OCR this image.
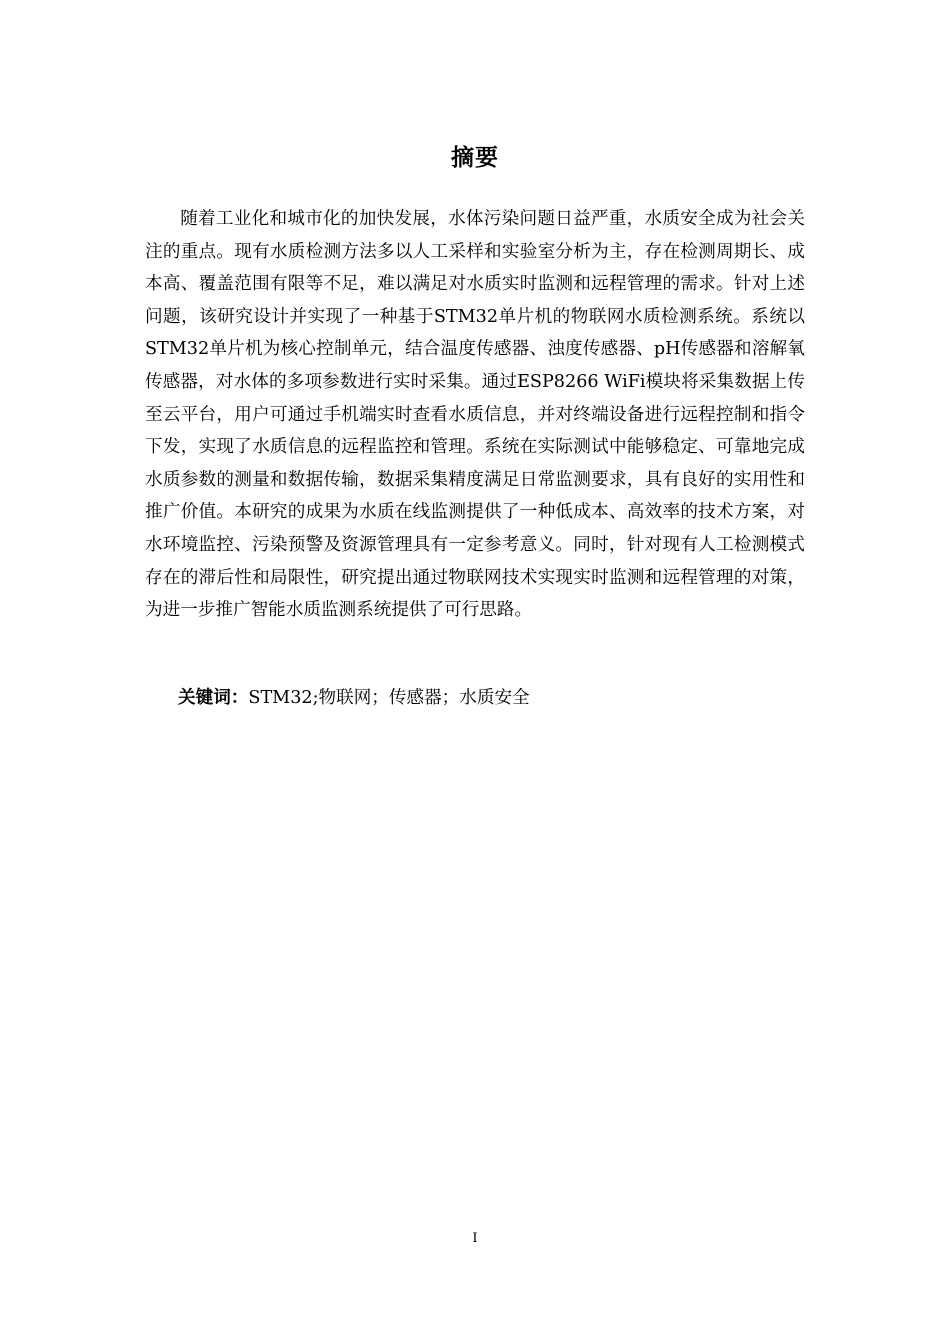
摘要

随着工业化和城市化的加快发展，水体污染问题日益严重，水质安全成为社会关注的重点。现有水质检测方法多以人工采样和实验室分析为主，存在检测周期长、成本高、覆盖范围有限等不足，难以满足对水质实时监测和远程管理的需求。针对上述问题，该研究设计并实现了一种基于STM32单片机的物联网水质检测系统。系统以STM32单片机为核心控制单元，结合温度传感器、浊度传感器、pH传感器和溶解氧传感器，对水体的多项参数进行实时采集。通过ESP8266 WiFi模块将采集数据上传至云平台，用户可通过手机端实时查看水质信息，并对终端设备进行远程控制和指令下发，实现了水质信息的远程监控和管理。系统在实际测试中能够稳定、可靠地完成水质参数的测量和数据传输，数据采集精度满足日常监测要求，具有良好的实用性和推广价值。本研究的成果为水质在线监测提供了一种低成本、高效率的技术方案，对水环境监控、污染预警及资源管理具有一定参考意义。同时，针对现有人工检测模式存在的滞后性和局限性，研究提出通过物联网技术实现实时监测和远程管理的对策，为进一步推广智能水质监测系统提供了可行思路。

关键词：STM32;物联网；传感器；水质安全
I
